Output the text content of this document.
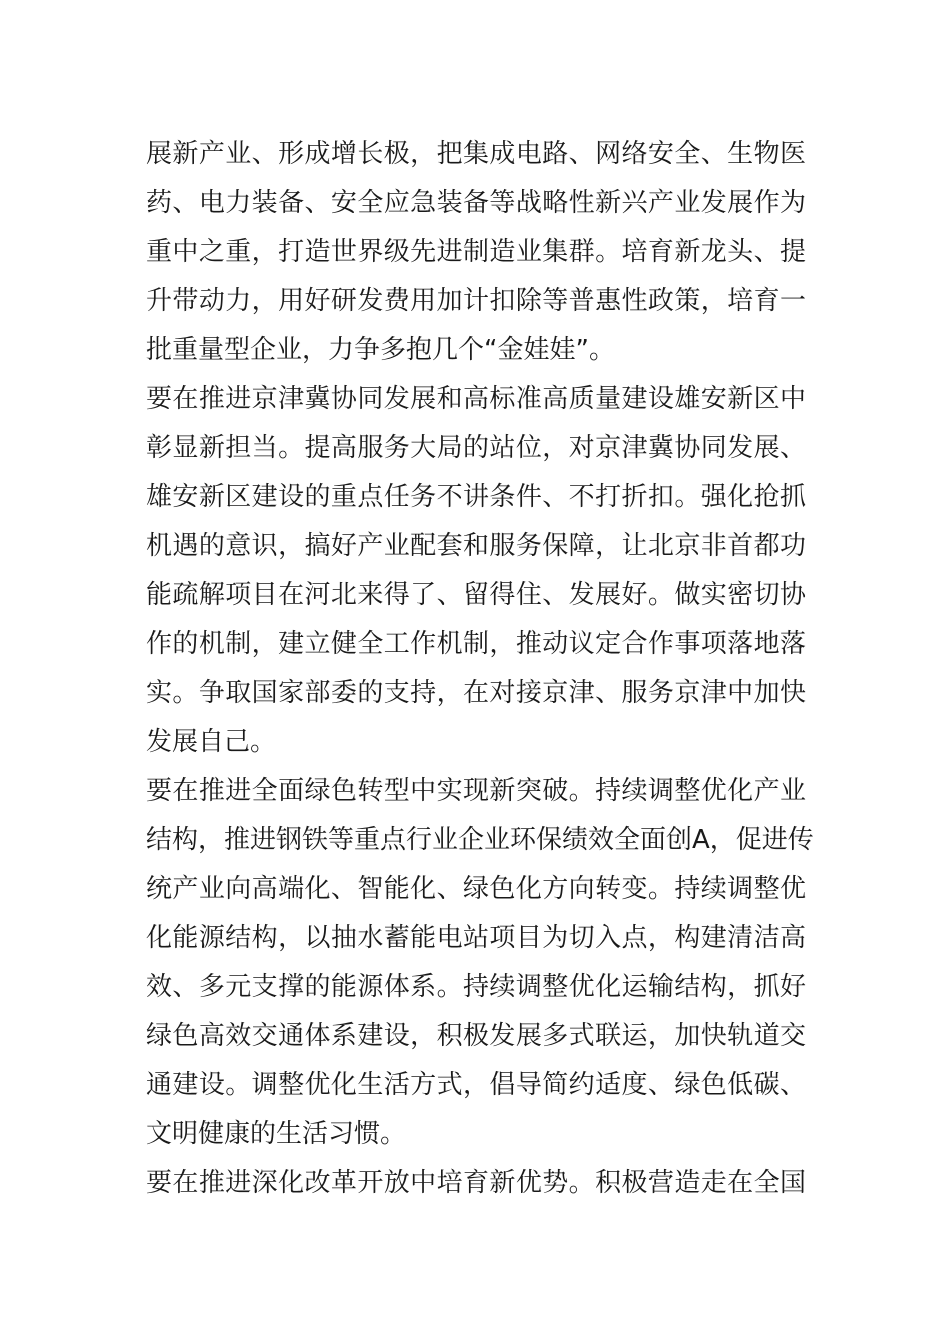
展新产业、形成增长极，把集成电路、网络安全、生物医
药、电力装备、安全应急装备等战略性新兴产业发展作为
重中之重，打造世界级先进制造业集群。培育新龙头、提
升带动力，用好研发费用加计扣除等普惠性政策，培育一
批重量型企业，力争多抱几个“金娃娃”。
要在推进京津冀协同发展和高标准高质量建设雄安新区中
彰显新担当。提高服务大局的站位，对京津冀协同发展、
雄安新区建设的重点任务不讲条件、不打折扣。强化抢抓
机遇的意识，搞好产业配套和服务保障，让北京非首都功
能疏解项目在河北来得了、留得住、发展好。做实密切协
作的机制，建立健全工作机制，推动议定合作事项落地落
实。争取国家部委的支持，在对接京津、服务京津中加快
发展自己。
要在推进全面绿色转型中实现新突破。持续调整优化产业
结构，推进钢铁等重点行业企业环保绩效全面创A，促进传
统产业向高端化、智能化、绿色化方向转变。持续调整优
化能源结构，以抽水蓄能电站项目为切入点，构建清洁高
效、多元支撑的能源体系。持续调整优化运输结构，抓好
绿色高效交通体系建设，积极发展多式联运，加快轨道交
通建设。调整优化生活方式，倡导简约适度、绿色低碳、
文明健康的生活习惯。
要在推进深化改革开放中培育新优势。积极营造走在全国
